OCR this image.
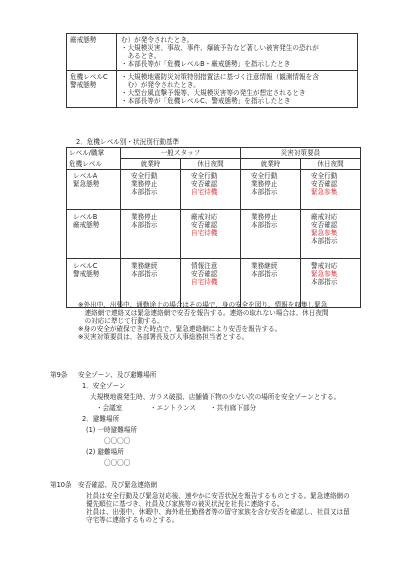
厳戒態勢	む）が発令されたとき。
・大規模災害、事故、事件、爆破予告など著しい被害発生の恐れが
　あるとき。
・本部長等が「危機レベルB・厳戒態勢」を指示したとき

危機レベルC
警戒態勢	・大規模地震防災対策特別措置法に基づく注意情報（観測情報を含
　む）が発令されたとき。
・大型台風直撃予報等、大規模災害等の発生が想定されるとき
・本部長等が「危機レベルC、警戒態勢」を指示したとき
2．危機レベル別・状況別行動基準
レベル/職掌	一般スタッフ		災害対策要員	
危機レベル	就業時	休日夜間	就業時	休日夜間

レベルA
緊急態勢	安全行動
業務停止
本部指示	安全行動
安否確認
自宅待機	安全行動
業務停止
本部指示	安全行動
安否確認
緊急参集

レベルB
厳戒態勢	業務停止
本部指示	厳戒対応
安否確認
自宅待機	業務停止
本部指示	厳戒対応
安否確認
緊急参集
本部指示

レベルC
警戒態勢	業務継続
本部指示	情報注意
安否確認
自宅待機	業務継続
本部指示	警戒対応
緊急参集
本部指示
※外出中、出張中、通勤途上の場合はその場で、身の安全を図り、情報を収集し緊急
　連絡網で連絡又は緊急連絡網で安否を報告する。連絡の取れない場合は、休日夜間
　の対応に準じて行動する。
※身の安全が確保できた時点で、緊急連絡網により安否を報告する。
※災害対策要員は、各部署長及び人事総務担当者とする。
第9条 安全ゾーン、及び避難場所
1．安全ゾーン
大規模地震発生時、ガラス破損、店舗備下物の少ない次の場所を安全ゾーンとする。
・会議室	・エントランス ・共有廊下部分
2．避難場所
(1) 一時避難場所
〇〇〇〇
(2) 避難場所
〇〇〇〇
第10条 安否確認、及び緊急連絡網
社員は安全行動及び緊急対応後、速やかに安否状況を報告するものとする。緊急連絡網の
優先順位に基づき、社員及び家族等の被災状況を社長に連絡する。
社員は、出張中、休暇中、海外赴任勤務者等の留守家族を含む安否を確認し、社員又は留
守宅等に連絡するものとする。
